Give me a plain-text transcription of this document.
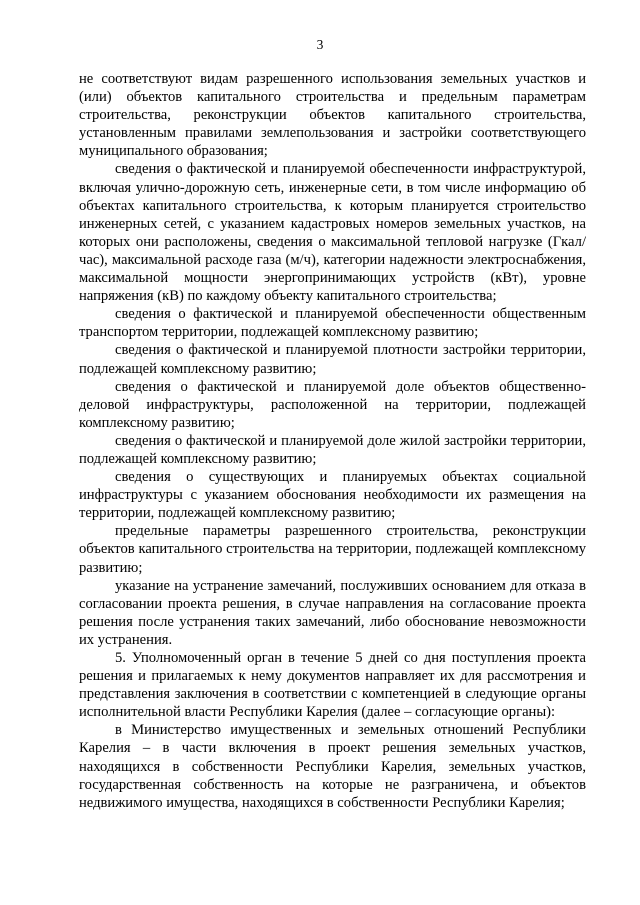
3

не соответствуют видам разрешенного использования земельных участков и (или) объектов капитального строительства и предельным параметрам строительства, реконструкции объектов капитального строительства, установленным правилами землепользования и застройки соответствующего муниципального образования;

сведения о фактической и планируемой обеспеченности инфраструктурой, включая улично-дорожную сеть, инженерные сети, в том числе информацию об объектах капитального строительства, к которым планируется строительство инженерных сетей, с указанием кадастровых номеров земельных участков, на которых они расположены, сведения о максимальной тепловой нагрузке (Гкал/час), максимальной расходе газа (м/ч), категории надежности электроснабжения, максимальной мощности энергопринимающих устройств (кВт), уровне напряжения (кВ) по каждому объекту капитального строительства;

сведения о фактической и планируемой обеспеченности общественным транспортом территории, подлежащей комплексному развитию;

сведения о фактической и планируемой плотности застройки территории, подлежащей комплексному развитию;

сведения о фактической и планируемой доле объектов общественно-деловой инфраструктуры, расположенной на территории, подлежащей комплексному развитию;

сведения о фактической и планируемой доле жилой застройки территории, подлежащей комплексному развитию;

сведения о существующих и планируемых объектах социальной инфраструктуры с указанием обоснования необходимости их размещения на территории, подлежащей комплексному развитию;

предельные параметры разрешенного строительства, реконструкции объектов капитального строительства на территории, подлежащей комплексному развитию;

указание на устранение замечаний, послуживших основанием для отказа в согласовании проекта решения, в случае направления на согласование проекта решения после устранения таких замечаний, либо обоснование невозможности их устранения.

5. Уполномоченный орган в течение 5 дней со дня поступления проекта решения и прилагаемых к нему документов направляет их для рассмотрения и представления заключения в соответствии с компетенцией в следующие органы исполнительной власти Республики Карелия (далее – согласующие органы):

в Министерство имущественных и земельных отношений Республики Карелия – в части включения в проект решения земельных участков, находящихся в собственности Республики Карелия, земельных участков, государственная собственность на которые не разграничена, и объектов недвижимого имущества, находящихся в собственности Республики Карелия;
